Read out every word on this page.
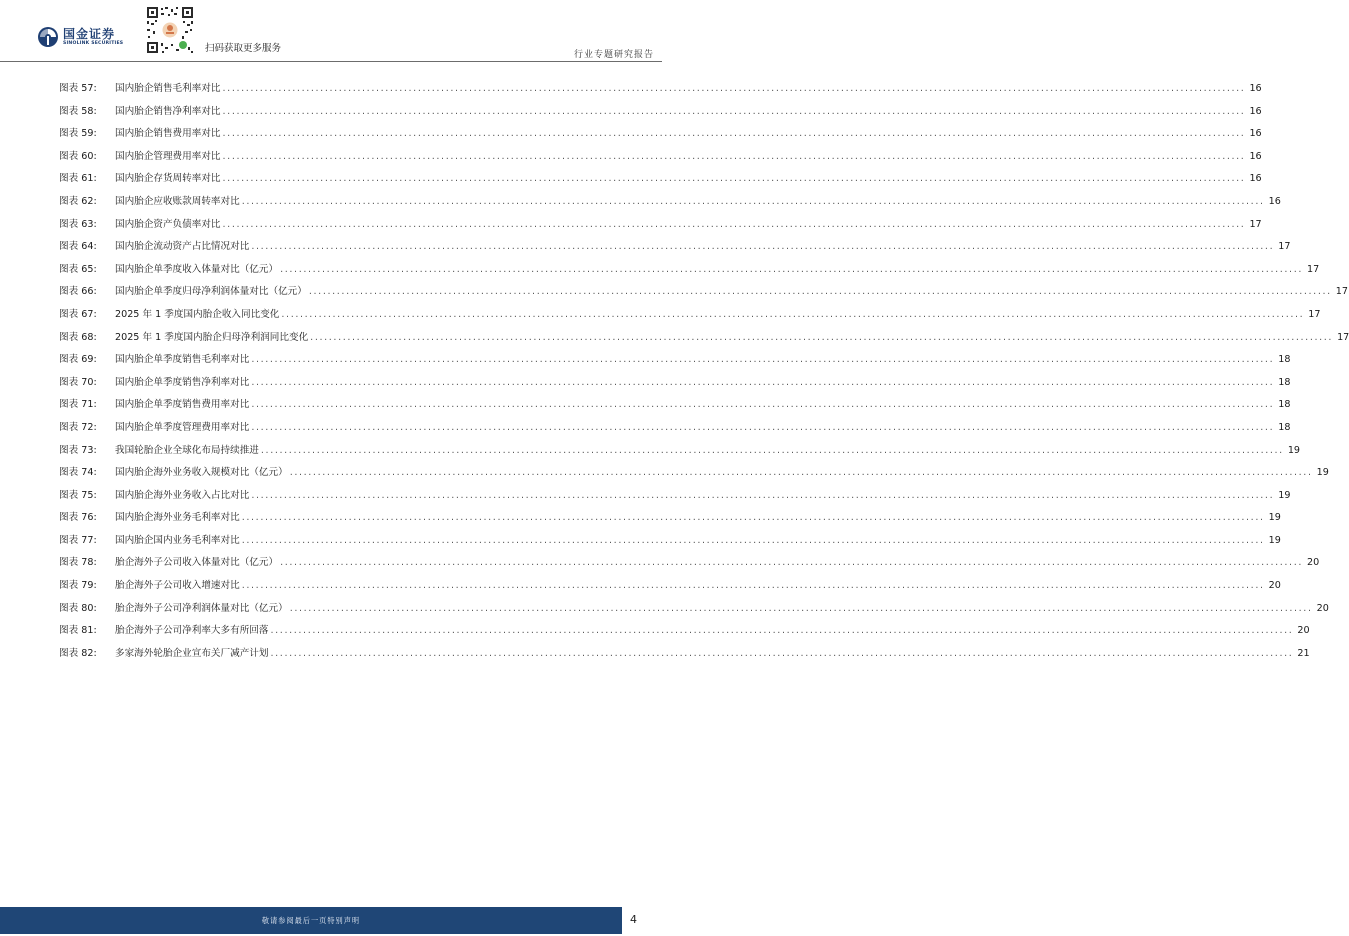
国金证券
SINOLINK SECURITIES	扫码获取更多服务
行业专题研究报告
图表 57:	国内胎企销售毛利率对比 ............................................................................................................................................................................................................................ 16
图表 58:	国内胎企销售净利率对比 ............................................................................................................................................................................................................................ 16
图表 59:	国内胎企销售费用率对比 ............................................................................................................................................................................................................................ 16
图表 60:	国内胎企管理费用率对比 ............................................................................................................................................................................................................................ 16
图表 61:	国内胎企存货周转率对比 ............................................................................................................................................................................................................................ 16
图表 62:	国内胎企应收账款周转率对比 ............................................................................................................................................................................................................................ 16
图表 63:	国内胎企资产负债率对比 ............................................................................................................................................................................................................................ 17
图表 64:	国内胎企流动资产占比情况对比 ............................................................................................................................................................................................................................ 17
图表 65:	国内胎企单季度收入体量对比（亿元） ............................................................................................................................................................................................................................ 17
图表 66:	国内胎企单季度归母净利润体量对比（亿元） ............................................................................................................................................................................................................................ 17
图表 67:	2025 年 1 季度国内胎企收入同比变化 ............................................................................................................................................................................................................................ 17
图表 68:	2025 年 1 季度国内胎企归母净利润同比变化 ............................................................................................................................................................................................................................ 17
图表 69:	国内胎企单季度销售毛利率对比 ............................................................................................................................................................................................................................ 18
图表 70:	国内胎企单季度销售净利率对比 ............................................................................................................................................................................................................................ 18
图表 71:	国内胎企单季度销售费用率对比 ............................................................................................................................................................................................................................ 18
图表 72:	国内胎企单季度管理费用率对比 ............................................................................................................................................................................................................................ 18
图表 73:	我国轮胎企业全球化布局持续推进 ............................................................................................................................................................................................................................ 19
图表 74:	国内胎企海外业务收入规模对比（亿元） ............................................................................................................................................................................................................................ 19
图表 75:	国内胎企海外业务收入占比对比 ............................................................................................................................................................................................................................ 19
图表 76:	国内胎企海外业务毛利率对比 ............................................................................................................................................................................................................................ 19
图表 77:	国内胎企国内业务毛利率对比 ............................................................................................................................................................................................................................ 19
图表 78:	胎企海外子公司收入体量对比（亿元） ............................................................................................................................................................................................................................ 20
图表 79:	胎企海外子公司收入增速对比 ............................................................................................................................................................................................................................ 20
图表 80:	胎企海外子公司净利润体量对比（亿元） ............................................................................................................................................................................................................................ 20
图表 81:	胎企海外子公司净利率大多有所回落 ............................................................................................................................................................................................................................ 20
图表 82:	多家海外轮胎企业宣布关厂减产计划 ............................................................................................................................................................................................................................ 21
敬请参阅最后一页特别声明	4
